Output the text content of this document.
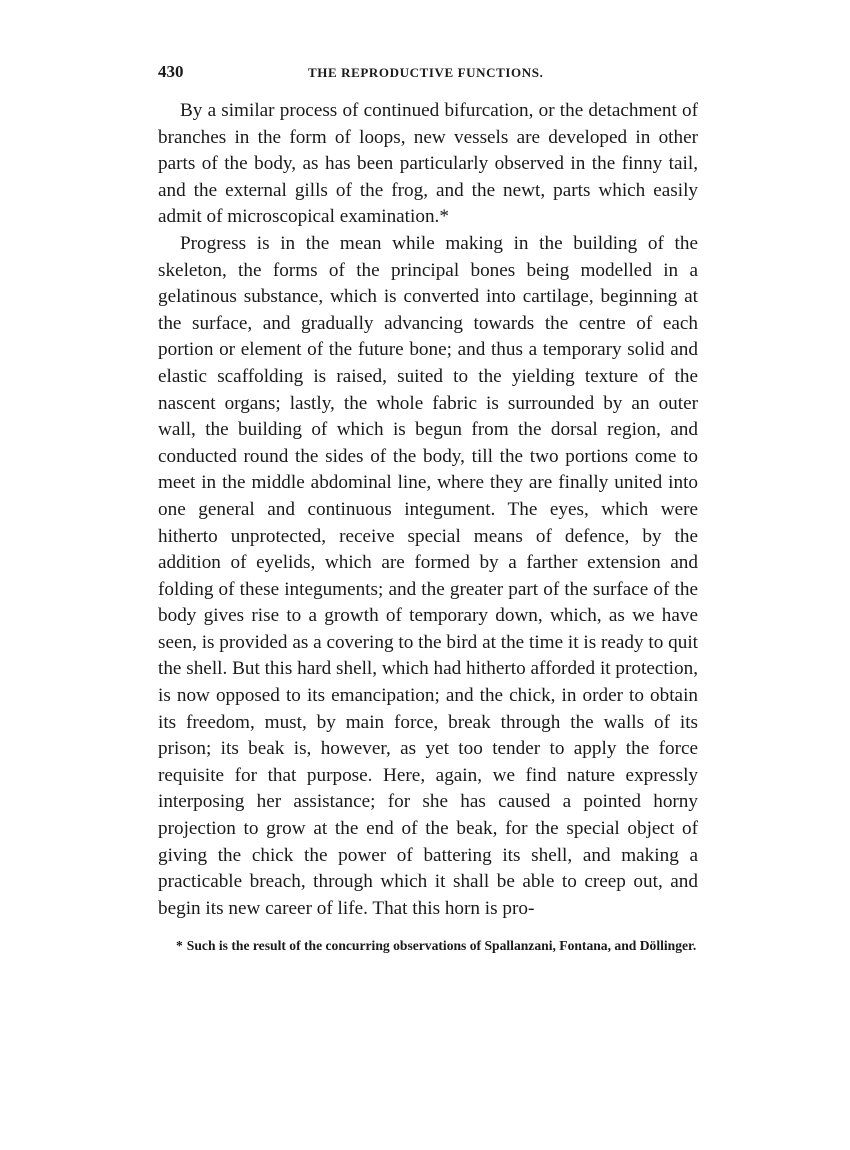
430	THE REPRODUCTIVE FUNCTIONS.

By a similar process of continued bifurcation, or the detachment of branches in the form of loops, new vessels are developed in other parts of the body, as has been particularly observed in the finny tail, and the external gills of the frog, and the newt, parts which easily admit of microscopical examination.*

Progress is in the mean while making in the building of the skeleton, the forms of the principal bones being modelled in a gelatinous substance, which is converted into cartilage, beginning at the surface, and gradually advancing towards the centre of each portion or element of the future bone; and thus a temporary solid and elastic scaffolding is raised, suited to the yielding texture of the nascent organs; lastly, the whole fabric is surrounded by an outer wall, the building of which is begun from the dorsal region, and conducted round the sides of the body, till the two portions come to meet in the middle abdominal line, where they are finally united into one general and continuous integument. The eyes, which were hitherto unprotected, receive special means of defence, by the addition of eyelids, which are formed by a farther extension and folding of these integuments; and the greater part of the surface of the body gives rise to a growth of temporary down, which, as we have seen, is provided as a covering to the bird at the time it is ready to quit the shell. But this hard shell, which had hitherto afforded it protection, is now opposed to its emancipation; and the chick, in order to obtain its freedom, must, by main force, break through the walls of its prison; its beak is, however, as yet too tender to apply the force requisite for that purpose. Here, again, we find nature expressly interposing her assistance; for she has caused a pointed horny projection to grow at the end of the beak, for the special object of giving the chick the power of battering its shell, and making a practicable breach, through which it shall be able to creep out, and begin its new career of life. That this horn is pro-

* Such is the result of the concurring observations of Spallanzani, Fontana, and Döllinger.
